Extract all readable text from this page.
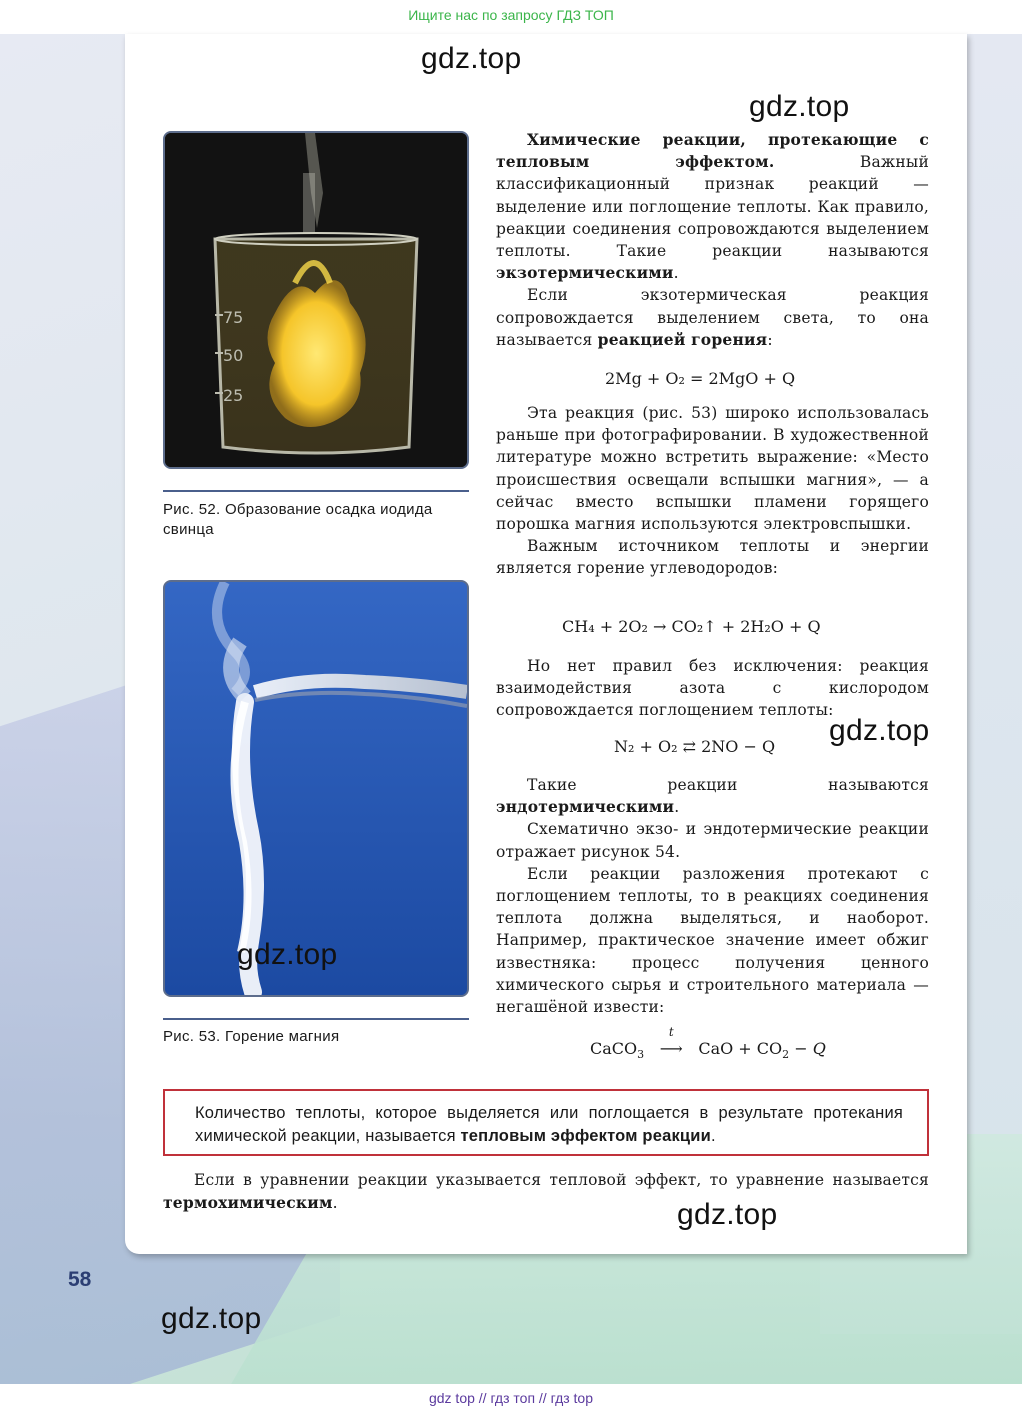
Ищите нас по запросу ГДЗ ТОП
75
50
25
Рис. 52. Образование осадка иодида свинца
Рис. 53. Горение магния

Химические реакции, протекающие с тепловым эффектом. Важный классификационный признак реакций — выделение или поглощение теплоты. Как правило, реакции соединения сопровождаются выделением теплоты. Такие реакции называются экзотермическими.

Если экзотермическая реакция сопровождается выделением света, то она называется реакцией горения:

2Mg + O₂ = 2MgO + Q

Эта реакция (рис. 53) широко использовалась раньше при фотографировании. В художественной литературе можно встретить выражение: «Место происшествия освещали вспышки магния», — а сейчас вместо вспышки пламени горящего порошка магния используются электровспышки.

Важным источником теплоты и энергии является горение углеводородов:

CH₄ + 2O₂ → CO₂↑ + 2H₂O + Q

Но нет правил без исключения: реакция взаимодействия азота с кислородом сопровождается поглощением теплоты:

N₂ + O₂ ⇄ 2NO − Q

Такие реакции называются эндотермическими.

Схематично экзо- и эндотермические реакции отражает рисунок 54.

Если реакции разложения протекают с поглощением теплоты, то в реакциях соединения теплота должна выделяться, и наоборот. Например, практическое значение имеет обжиг известняка: процесс получения ценного химического сырья и строительного материала — негашёной извести:

CaCO$_3$
t
⟶ CaO + $CO_2 - Q$
Количество теплоты, которое выделяется или поглощается в результате протекания химической реакции, называется тепловым эффектом реакции.
Если в уравнении реакции указывается тепловой эффект, то уравнение называется термохимическим.
gdz.top
gdz.top
gdz.top
gdz.top
gdz.top
gdz.top
58
gdz top // гдз топ // гдз top
